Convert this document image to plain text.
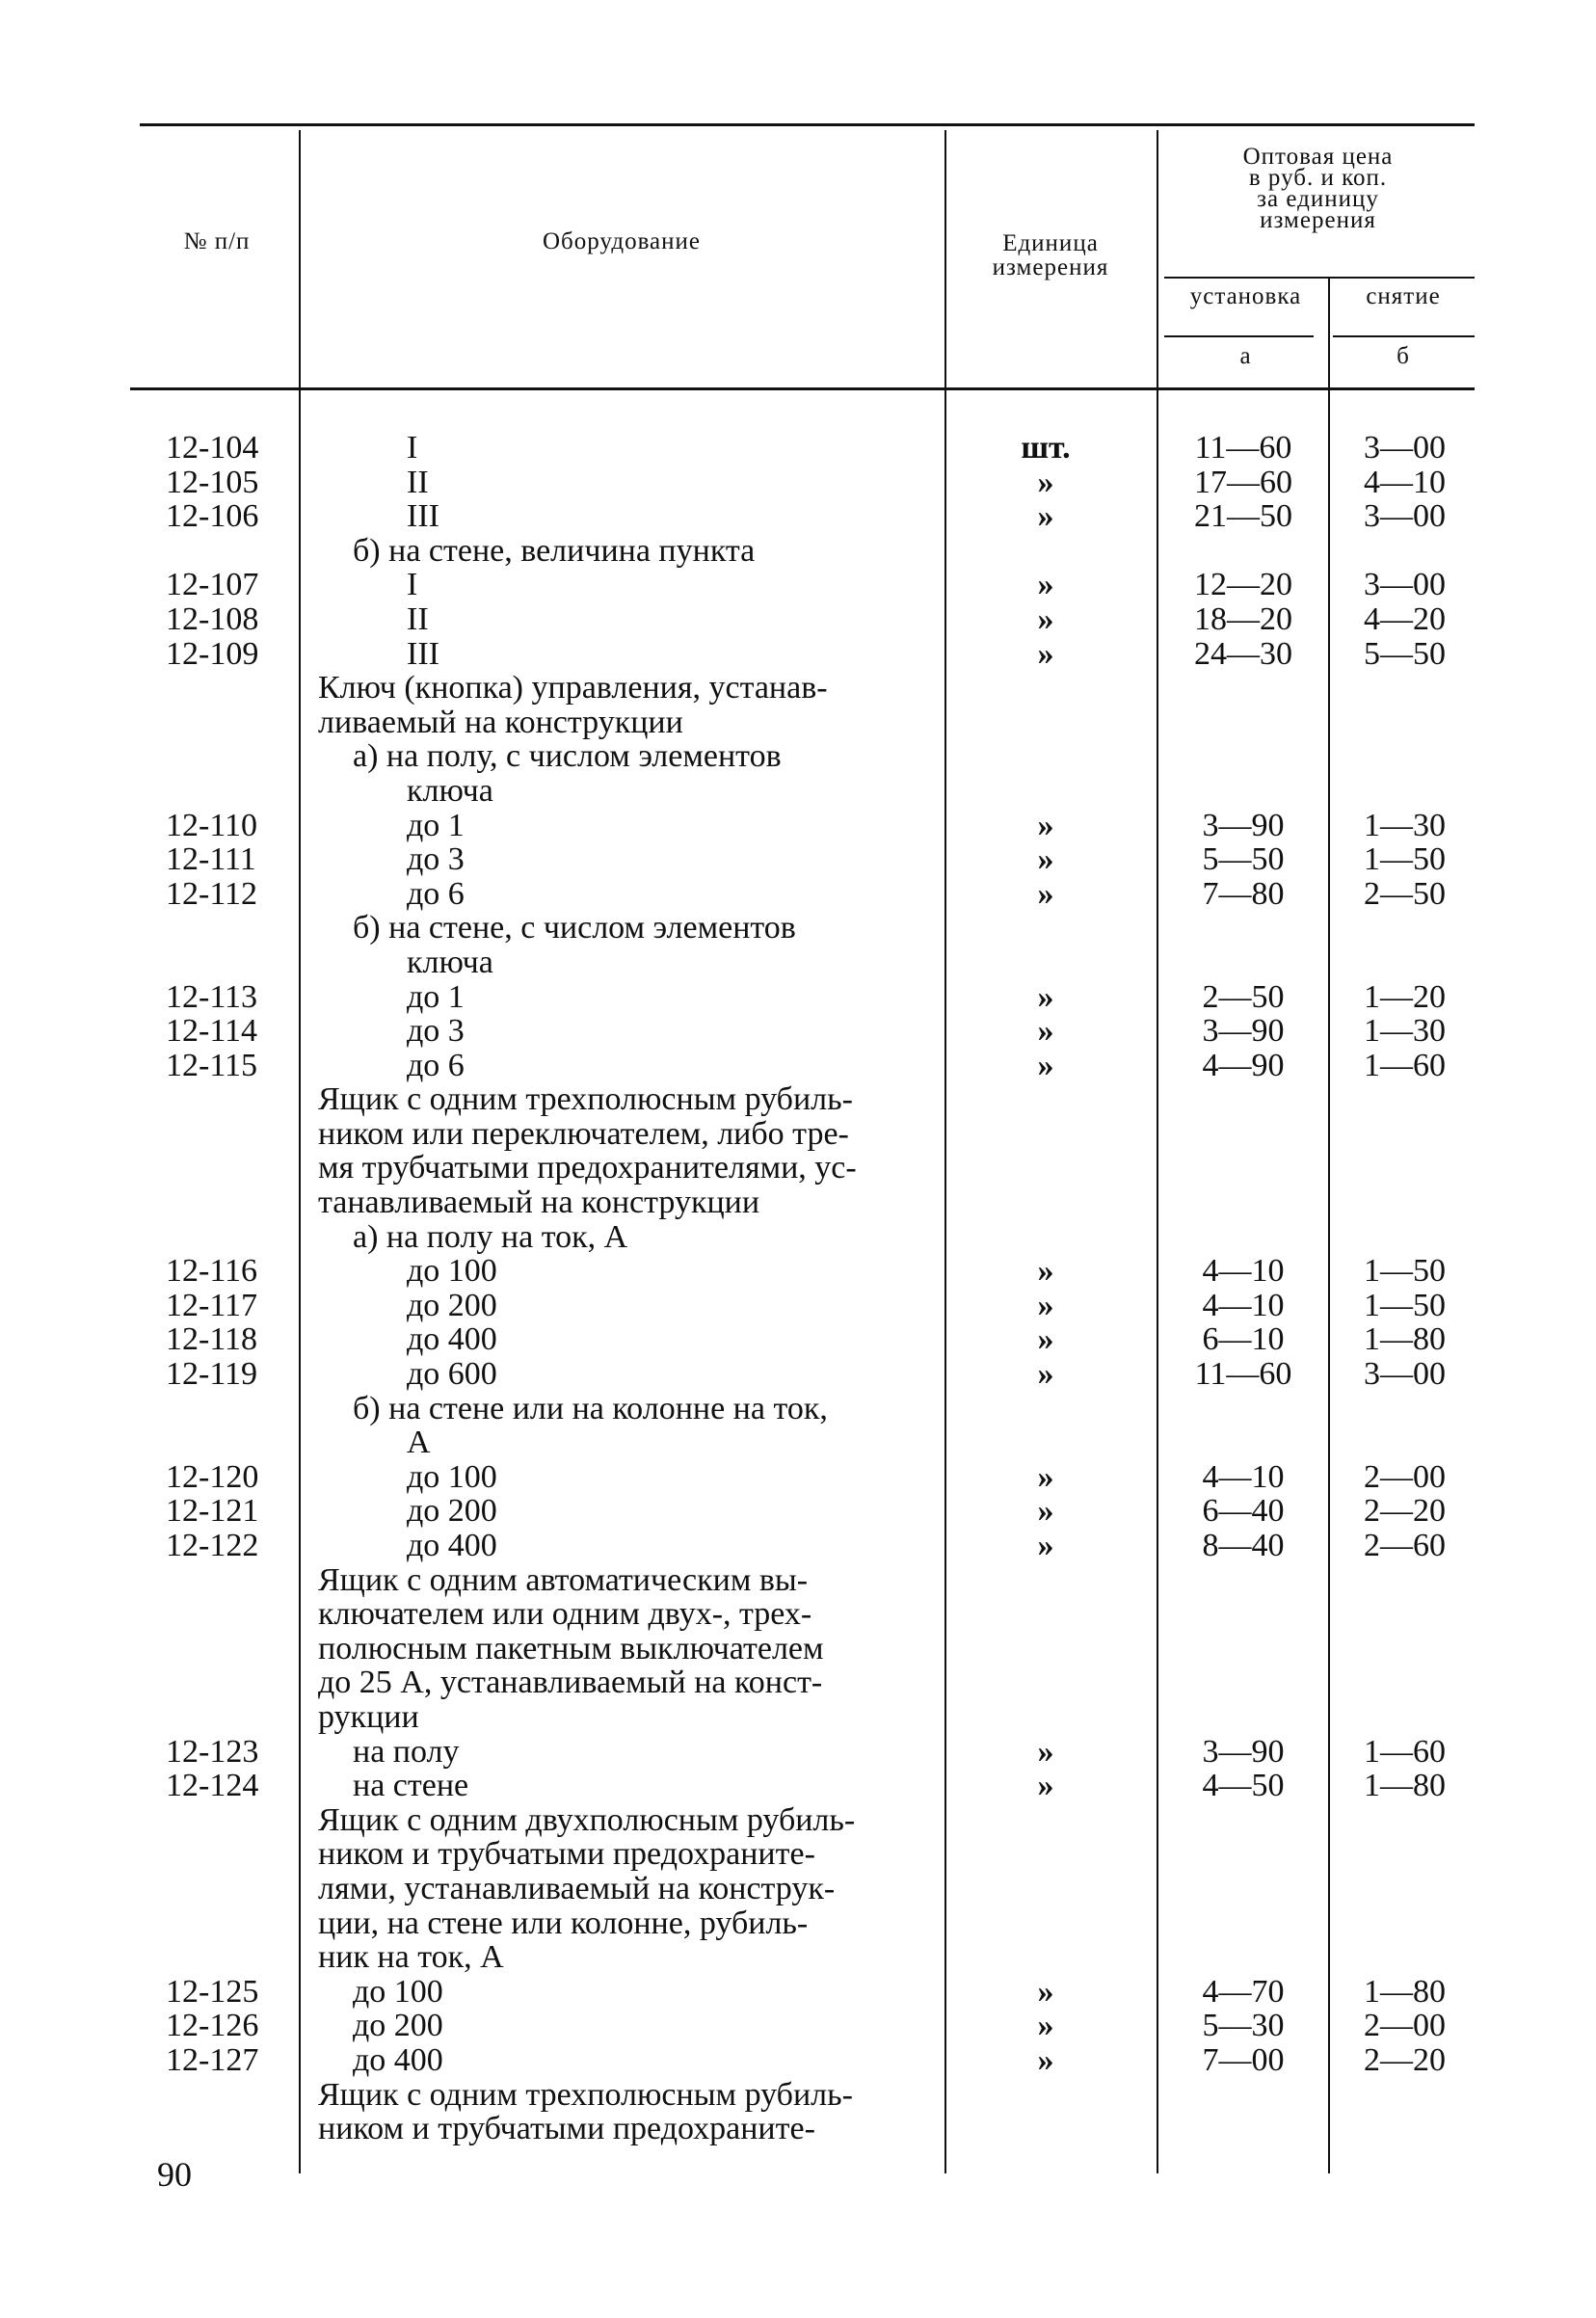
№ п/п	Оборудование	Единица
измерения
Оптовая цена
в руб. и коп.
за единицу
измерения
установка	снятие
а	б
12-104	I	шт.	11—60	3—00
12-105	II	»	17—60	4—10
12-106	III	»	21—50	3—00
б) на стене, величина пункта
12-107	I	»	12—20	3—00
12-108	II	»	18—20	4—20
12-109	III	»	24—30	5—50
Ключ (кнопка) управления, устанав-
ливаемый на конструкции
а) на полу, с числом элементов
ключа
12-110	до 1	»	3—90	1—30
12-111	до 3	»	5—50	1—50
12-112	до 6	»	7—80	2—50
б) на стене, с числом элементов
ключа
12-113	до 1	»	2—50	1—20
12-114	до 3	»	3—90	1—30
12-115	до 6	»	4—90	1—60
Ящик с одним трехполюсным рубиль-
ником или переключателем, либо тре-
мя трубчатыми предохранителями, ус-
танавливаемый на конструкции
а) на полу на ток, А
12-116	до 100	»	4—10	1—50
12-117	до 200	»	4—10	1—50
12-118	до 400	»	6—10	1—80
12-119	до 600	»	11—60	3—00
б) на стене или на колонне на ток,
А
12-120	до 100	»	4—10	2—00
12-121	до 200	»	6—40	2—20
12-122	до 400	»	8—40	2—60
Ящик с одним автоматическим вы-
ключателем или одним двух-, трех-
полюсным пакетным выключателем
до 25 А, устанавливаемый на конст-
рукции
12-123	на полу	»	3—90	1—60
12-124	на стене	»	4—50	1—80
Ящик с одним двухполюсным рубиль-
ником и трубчатыми предохраните-
лями, устанавливаемый на конструк-
ции, на стене или колонне, рубиль-
ник на ток, А
12-125	до 100	»	4—70	1—80
12-126	до 200	»	5—30	2—00
12-127	до 400	»	7—00	2—20
Ящик с одним трехполюсным рубиль-
ником и трубчатыми предохраните-
90
